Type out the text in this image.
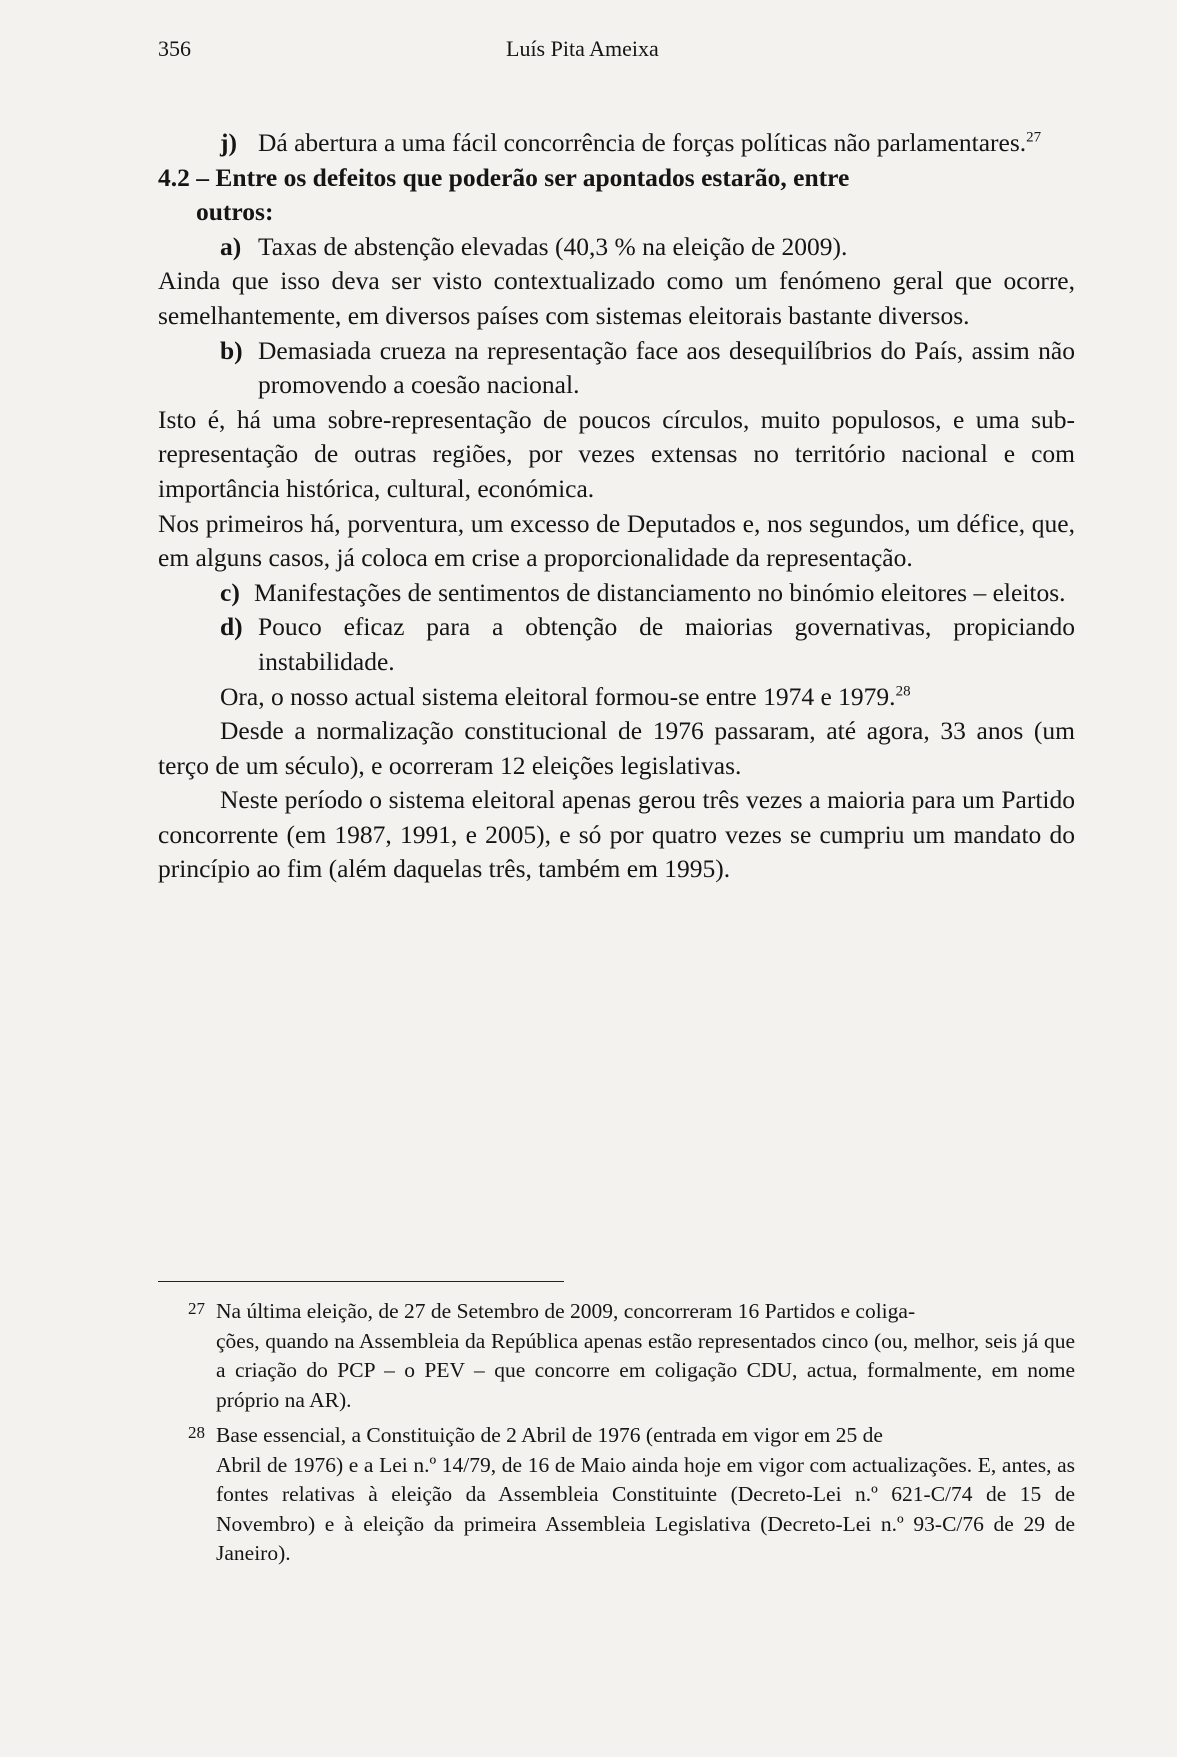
356	Luís Pita Ameixa
j) Dá abertura a uma fácil concorrência de forças políticas não parlamentares.$^{27}$

4.2 – Entre os defeitos que poderão ser apontados estarão, entre
outros:

a) Taxas de abstenção elevadas (40,3 % na eleição de 2009).

Ainda que isso deva ser visto contextualizado como um fenómeno geral que ocorre, semelhantemente, em diversos países com sistemas eleitorais bastante diversos.

b) Demasiada crueza na representação face aos desequilíbrios do País, assim não promovendo a coesão nacional.

Isto é, há uma sobre-representação de poucos círculos, muito populosos, e uma sub-representação de outras regiões, por vezes extensas no território nacional e com importância histórica, cultural, económica.

Nos primeiros há, porventura, um excesso de Deputados e, nos segundos, um défice, que, em alguns casos, já coloca em crise a proporcionalidade da representação.

c) Manifestações de sentimentos de distanciamento no binómio eleitores – eleitos.

d) Pouco eficaz para a obtenção de maiorias governativas, propiciando instabilidade.

Ora, o nosso actual sistema eleitoral formou-se entre 1974 e 1979.28

Desde a normalização constitucional de 1976 passaram, até agora, 33 anos (um terço de um século), e ocorreram 12 eleições legislativas.

Neste período o sistema eleitoral apenas gerou três vezes a maioria para um Partido concorrente (em 1987, 1991, e 2005), e só por quatro vezes se cumpriu um mandato do princípio ao fim (além daquelas três, também em 1995).

27 Na última eleição, de 27 de Setembro de 2009, concorreram 16 Partidos e coliga-
ções, quando na Assembleia da República apenas estão representados cinco (ou, melhor, seis já que a criação do PCP – o PEV – que concorre em coligação CDU, actua, formalmente, em nome próprio na AR).
28 Base essencial, a Constituição de 2 Abril de 1976 (entrada em vigor em 25 de
Abril de 1976) e a Lei n.º 14/79, de 16 de Maio ainda hoje em vigor com actualizações. E, antes, as fontes relativas à eleição da Assembleia Constituinte (Decreto-Lei n.º 621-C/74 de 15 de Novembro) e à eleição da primeira Assembleia Legislativa (Decreto-Lei n.º 93-C/76 de 29 de Janeiro).
